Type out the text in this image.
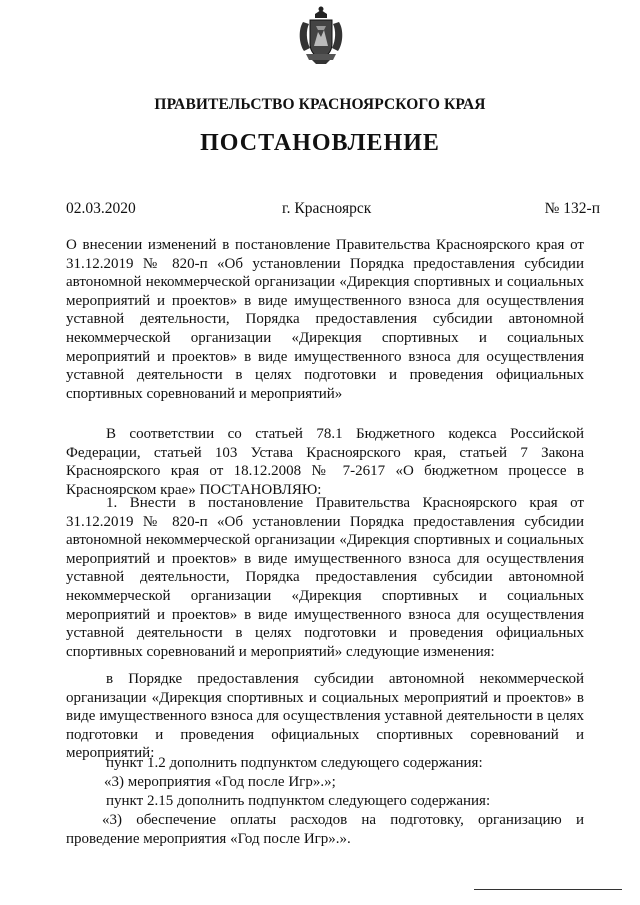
ПРАВИТЕЛЬСТВО КРАСНОЯРСКОГО КРАЯ
ПОСТАНОВЛЕНИЕ
02.03.2020	г. Красноярск	№ 132-п

О внесении изменений в постановление Правительства Красноярского края от 31.12.2019 № 820-п «Об установлении Порядка предоставления субсидии автономной некоммерческой организации «Дирекция спортивных и социальных мероприятий и проектов» в виде имущественного взноса для осуществления уставной деятельности, Порядка предоставления субсидии автономной некоммерческой организации «Дирекция спортивных и социальных мероприятий и проектов» в виде имущественного взноса для осуществления уставной деятельности в целях подготовки и проведения официальных спортивных соревнований и мероприятий»

В соответствии со статьей 78.1 Бюджетного кодекса Российской Федерации, статьей 103 Устава Красноярского края, статьей 7 Закона Красноярского края от 18.12.2008 № 7-2617 «О бюджетном процессе в Красноярском крае» ПОСТАНОВЛЯЮ:

1. Внести в постановление Правительства Красноярского края от 31.12.2019 № 820-п «Об установлении Порядка предоставления субсидии автономной некоммерческой организации «Дирекция спортивных и социальных мероприятий и проектов» в виде имущественного взноса для осуществления уставной деятельности, Порядка предоставления субсидии автономной некоммерческой организации «Дирекция спортивных и социальных мероприятий и проектов» в виде имущественного взноса для осуществления уставной деятельности в целях подготовки и проведения официальных спортивных соревнований и мероприятий» следующие изменения:

в Порядке предоставления субсидии автономной некоммерческой организации «Дирекция спортивных и социальных мероприятий и проектов» в виде имущественного взноса для осуществления уставной деятельности в целях подготовки и проведения официальных спортивных соревнований и мероприятий:

пункт 1.2 дополнить подпунктом следующего содержания:
«3) мероприятия «Год после Игр».»;
пункт 2.15 дополнить подпунктом следующего содержания:

«3) обеспечение оплаты расходов на подготовку, организацию и проведение мероприятия «Год после Игр».».
